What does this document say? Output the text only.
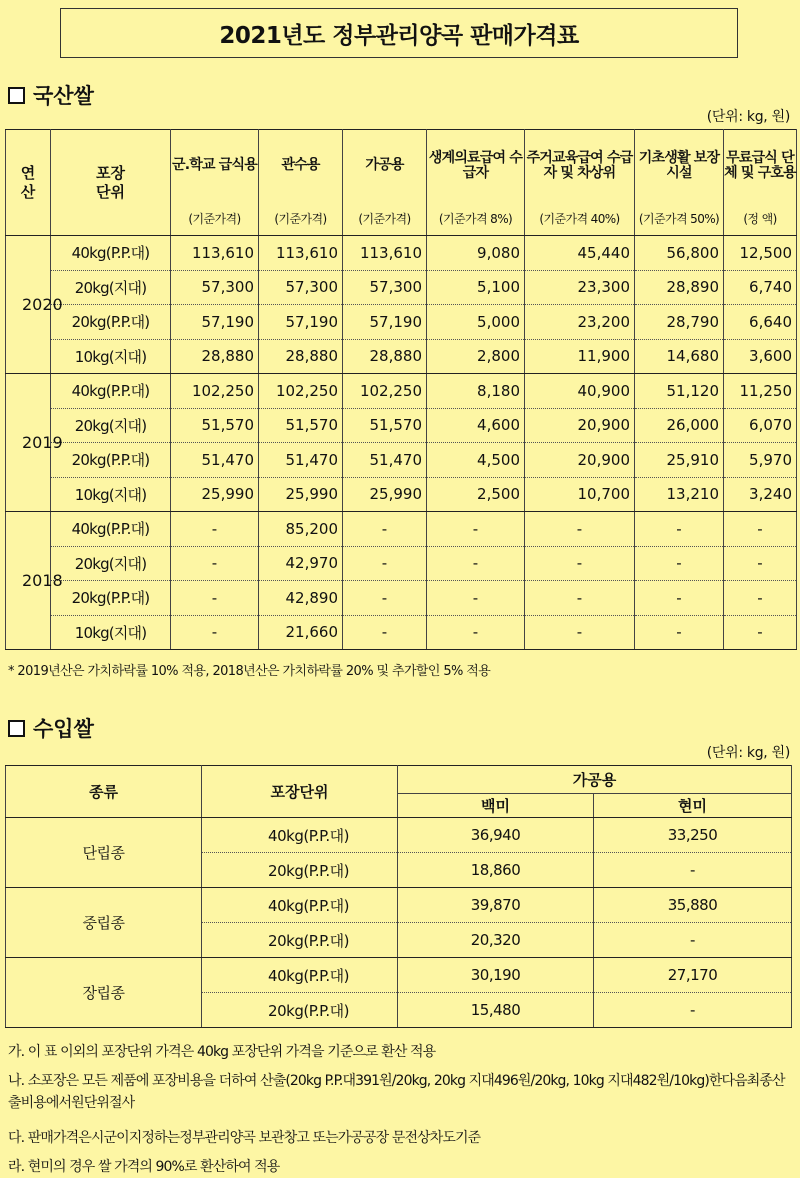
2021년도 정부관리양곡 판매가격표
국산쌀
(단위: kg, 원)
연산	포장단위	군.학교 급식용	관수용	가공용	생계의료급여 수급자	주거교육급여 수급자 및 차상위	기초생활 보장시설	무료급식 단체 및 구호용
		(기준가격)	(기준가격)	(기준가격)	(기준가격 8%)	(기준가격 40%)	(기준가격 50%)	(정 액)
2020	40kg(P.P.대)	113,610	113,610	113,610	9,080	45,440	56,800	12,500
	20kg(지대)	57,300	57,300	57,300	5,100	23,300	28,890	6,740
	20kg(P.P.대)	57,190	57,190	57,190	5,000	23,200	28,790	6,640
	10kg(지대)	28,880	28,880	28,880	2,800	11,900	14,680	3,600
2019	40kg(P.P.대)	102,250	102,250	102,250	8,180	40,900	51,120	11,250
	20kg(지대)	51,570	51,570	51,570	4,600	20,900	26,000	6,070
	20kg(P.P.대)	51,470	51,470	51,470	4,500	20,900	25,910	5,970
	10kg(지대)	25,990	25,990	25,990	2,500	10,700	13,210	3,240
2018	40kg(P.P.대)	-	85,200	-	-	-	-	-
	20kg(지대)	-	42,970	-	-	-	-	-
	20kg(P.P.대)	-	42,890	-	-	-	-	-
	10kg(지대)	-	21,660	-	-	-	-	-
* 2019년산은 가치하락률 10% 적용, 2018년산은 가치하락률 20% 및 추가할인 5% 적용
수입쌀
(단위: kg, 원)
종류	포장단위	가공용	
		백미	현미
단립종	40kg(P.P.대)	36,940	33,250
	20kg(P.P.대)	18,860	-
중립종	40kg(P.P.대)	39,870	35,880
	20kg(P.P.대)	20,320	-
장립종	40kg(P.P.대)	30,190	27,170
	20kg(P.P.대)	15,480	-
가. 이 표 이외의 포장단위 가격은 40kg 포장단위 가격을 기준으로 환산 적용
나. 소포장은 모든 제품에 포장비용을 더하여 산출(20kg P.P.대391원/20kg, 20kg 지대496원/20kg, 10kg 지대482원/10kg)한다음최종산출비용에서원단위절사
다. 판매가격은시군이지정하는정부관리양곡 보관창고 또는가공공장 문전상차도기준
라. 현미의 경우 쌀 가격의 90%로 환산하여 적용
